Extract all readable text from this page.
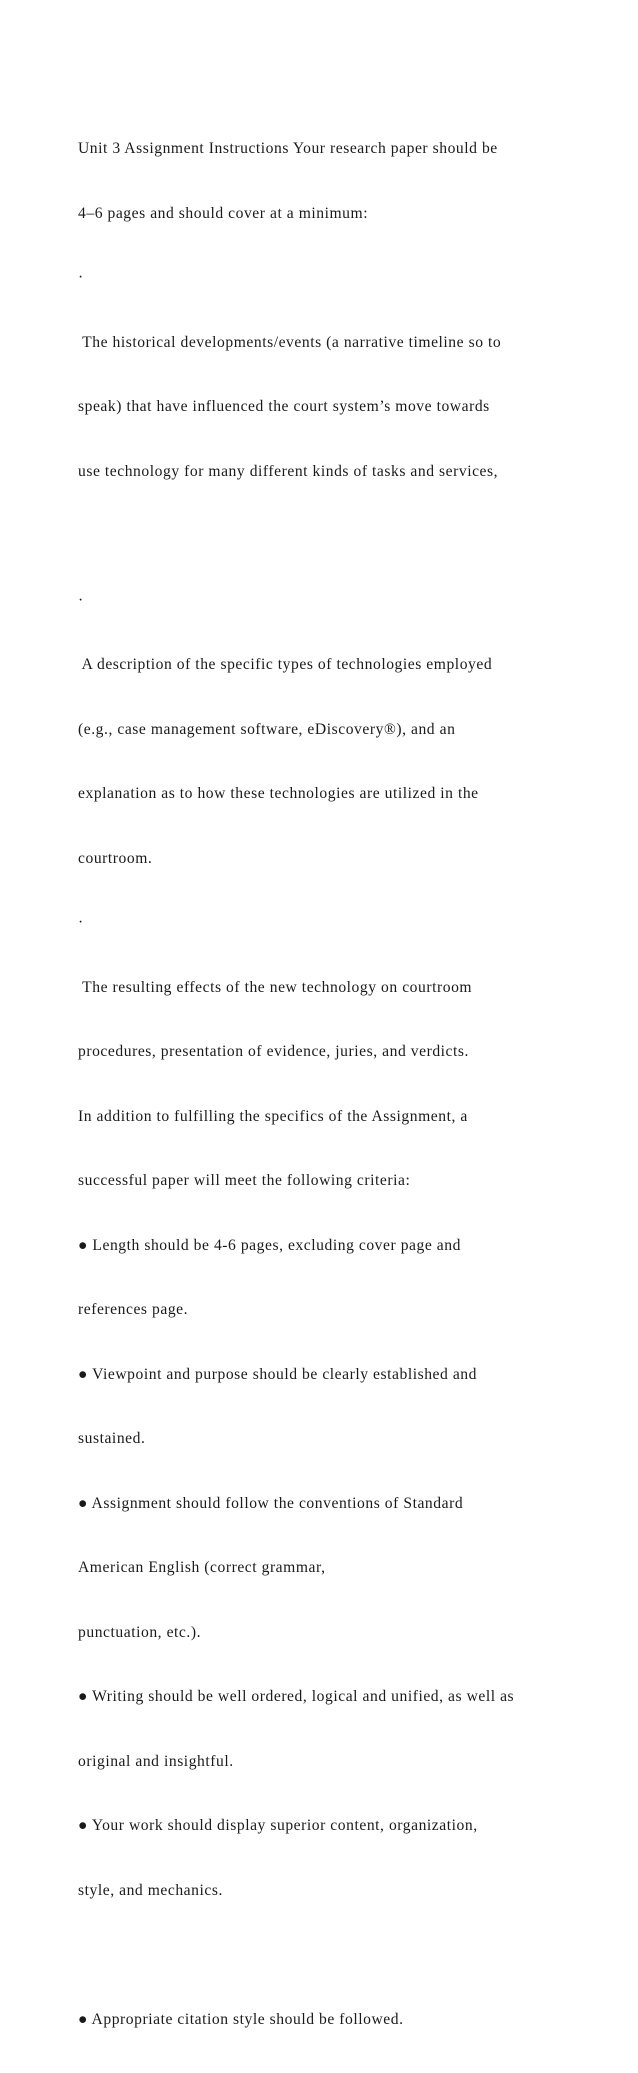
Unit 3 Assignment Instructions Your research paper should be

4–6 pages and should cover at a minimum:

·

The historical developments/events (a narrative timeline so to

speak) that have influenced the court system’s move towards

use technology for many different kinds of tasks and services,

·

A description of the specific types of technologies employed

(e.g., case management software, eDiscovery®), and an

explanation as to how these technologies are utilized in the

courtroom.

·

The resulting effects of the new technology on courtroom

procedures, presentation of evidence, juries, and verdicts.

In addition to fulfilling the specifics of the Assignment, a

successful paper will meet the following criteria:

● Length should be 4-6 pages, excluding cover page and

references page.

● Viewpoint and purpose should be clearly established and

sustained.

● Assignment should follow the conventions of Standard

American English (correct grammar,

punctuation, etc.).

● Writing should be well ordered, logical and unified, as well as

original and insightful.

● Your work should display superior content, organization,

style, and mechanics.

● Appropriate citation style should be followed.
